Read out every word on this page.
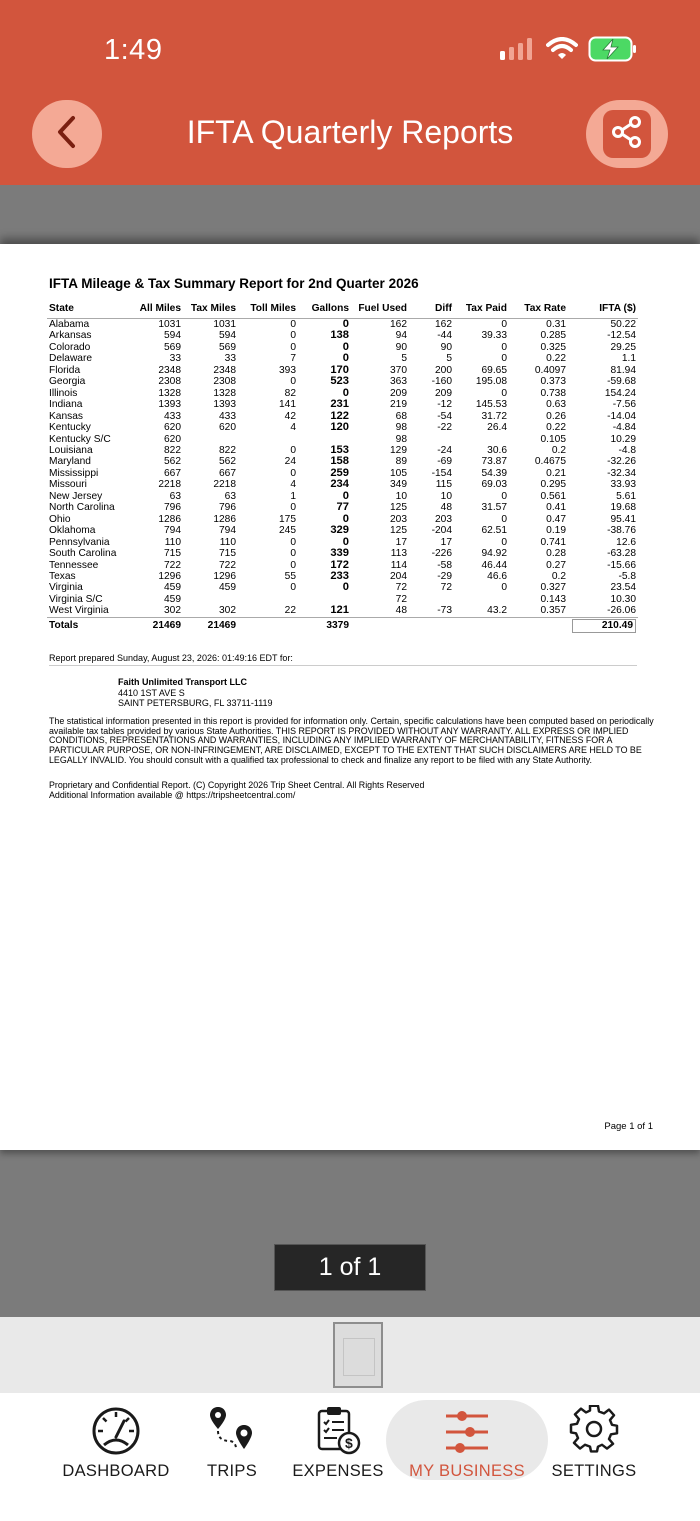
1:49
IFTA Quarterly Reports
IFTA Mileage & Tax Summary Report for 2nd Quarter 2026
State	All Miles	Tax Miles	Toll Miles	Gallons	Fuel Used	Diff	Tax Paid	Tax Rate	IFTA ($)
Alabama	1031	1031	0	0	162	162	0	0.31	50.22
Arkansas	594	594	0	138	94	-44	39.33	0.285	-12.54
Colorado	569	569	0	0	90	90	0	0.325	29.25
Delaware	33	33	7	0	5	5	0	0.22	1.1
Florida	2348	2348	393	170	370	200	69.65	0.4097	81.94
Georgia	2308	2308	0	523	363	-160	195.08	0.373	-59.68
Illinois	1328	1328	82	0	209	209	0	0.738	154.24
Indiana	1393	1393	141	231	219	-12	145.53	0.63	-7.56
Kansas	433	433	42	122	68	-54	31.72	0.26	-14.04
Kentucky	620	620	4	120	98	-22	26.4	0.22	-4.84
Kentucky S/C	620				98			0.105	10.29
Louisiana	822	822	0	153	129	-24	30.6	0.2	-4.8
Maryland	562	562	24	158	89	-69	73.87	0.4675	-32.26
Mississippi	667	667	0	259	105	-154	54.39	0.21	-32.34
Missouri	2218	2218	4	234	349	115	69.03	0.295	33.93
New Jersey	63	63	1	0	10	10	0	0.561	5.61
North Carolina	796	796	0	77	125	48	31.57	0.41	19.68
Ohio	1286	1286	175	0	203	203	0	0.47	95.41
Oklahoma	794	794	245	329	125	-204	62.51	0.19	-38.76
Pennsylvania	110	110	0	0	17	17	0	0.741	12.6
South Carolina	715	715	0	339	113	-226	94.92	0.28	-63.28
Tennessee	722	722	0	172	114	-58	46.44	0.27	-15.66
Texas	1296	1296	55	233	204	-29	46.6	0.2	-5.8
Virginia	459	459	0	0	72	72	0	0.327	23.54
Virginia S/C	459				72			0.143	10.30
West Virginia	302	302	22	121	48	-73	43.2	0.357	-26.06
Totals	21469	21469		3379					210.49
Report prepared Sunday, August 23, 2026: 01:49:16 EDT for:
Faith Unlimited Transport LLC
4410 1ST AVE S
SAINT PETERSBURG, FL 33711-1119
The statistical information presented in this report is provided for information only. Certain, specific calculations have been computed based on periodically available tax tables provided by various State Authorities. THIS REPORT IS PROVIDED WITHOUT ANY WARRANTY. ALL EXPRESS OR IMPLIED CONDITIONS, REPRESENTATIONS AND WARRANTIES, INCLUDING ANY IMPLIED WARRANTY OF MERCHANTABILITY, FITNESS FOR A PARTICULAR PURPOSE, OR NON-INFRINGEMENT, ARE DISCLAIMED, EXCEPT TO THE EXTENT THAT SUCH DISCLAIMERS ARE HELD TO BE LEGALLY INVALID. You should consult with a qualified tax professional to check and finalize any report to be filed with any State Authority.
Proprietary and Confidential Report. (C) Copyright 2026 Trip Sheet Central. All Rights Reserved
Additional Information available @ https://tripsheetcentral.com/
Page 1 of 1
1 of 1
DASHBOARD TRIPS
$
EXPENSES MY BUSINESS SETTINGS
